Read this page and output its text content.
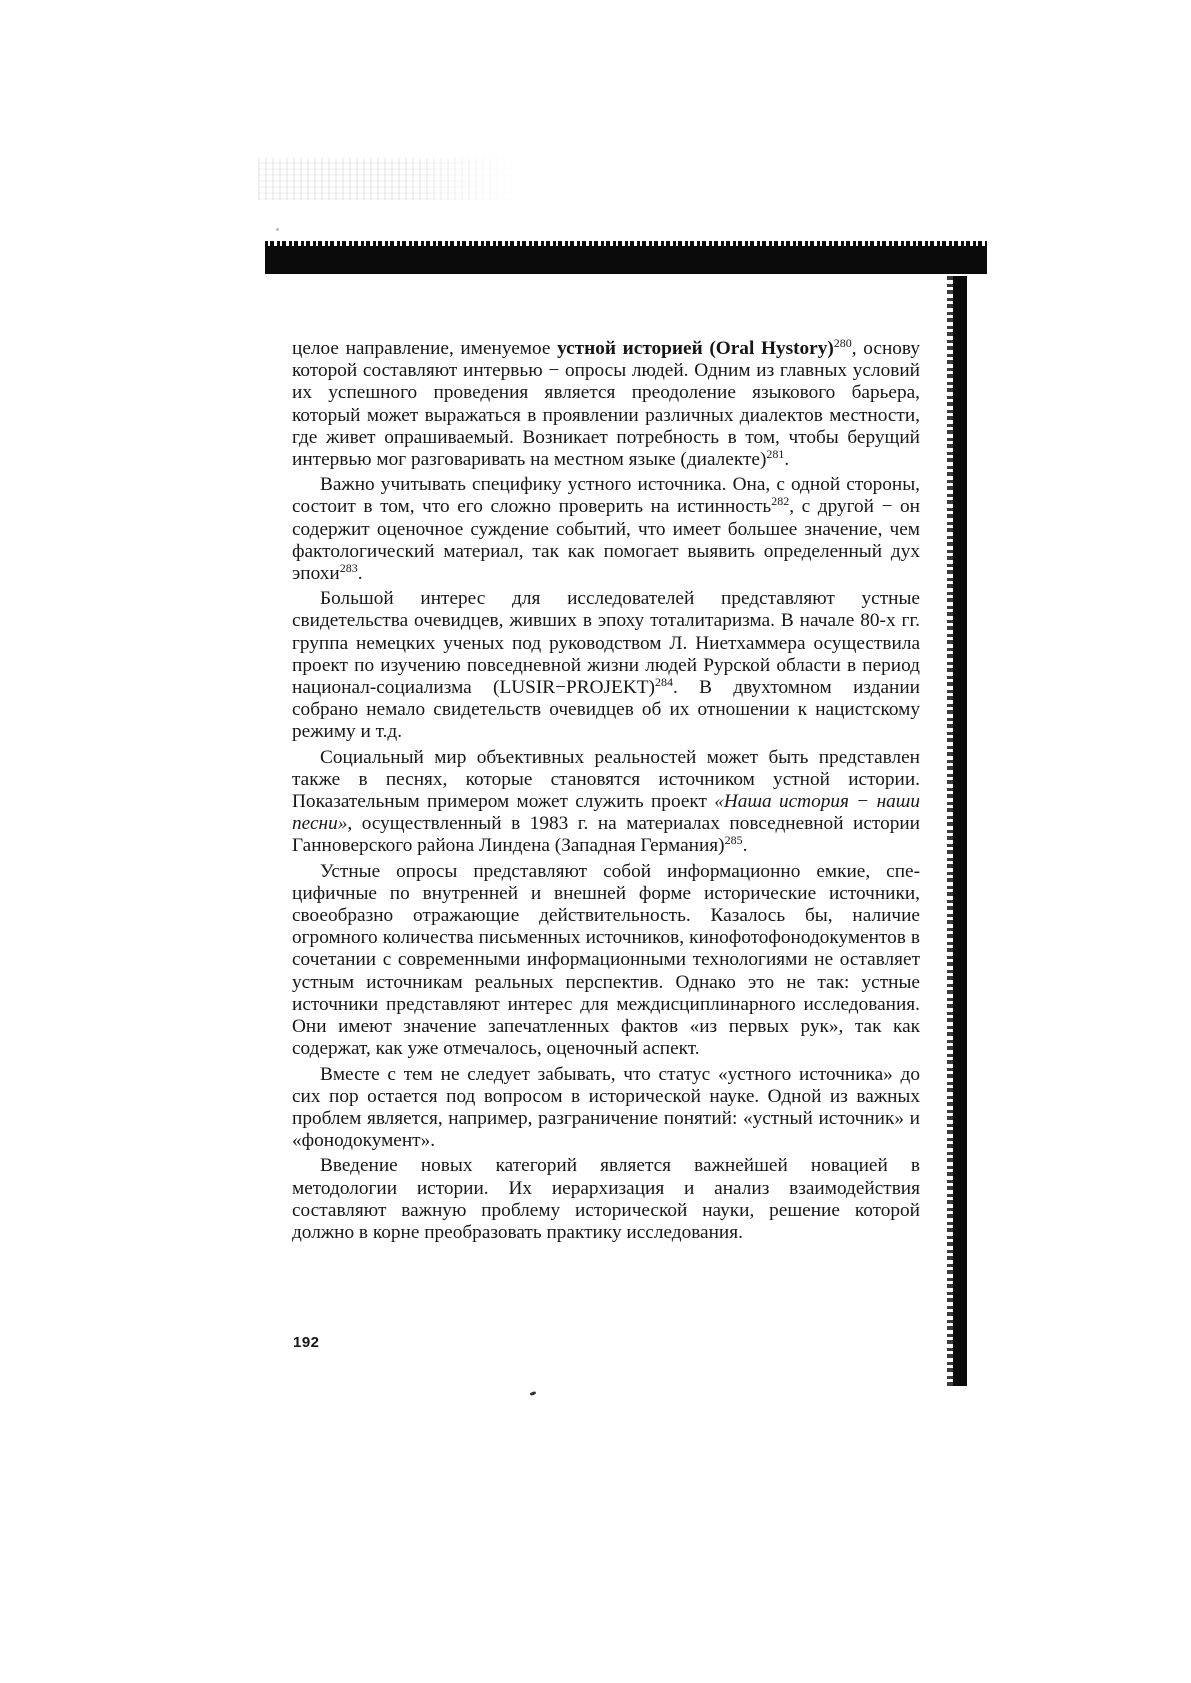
целое направление, именуемое устной историей (Oral Hystory)$^{280}$, основу которой составляют интервью − опросы людей. Одним из главных условий их успешного проведения является преодоление языкового барьера, который может выражаться в проявлении различных диалектов местности, где живет опрашиваемый. Возникает потребность в том, чтобы берущий интервью мог разговаривать на местном языке (диалекте)$^{281}$.

Важно учитывать специфику устного источника. Она, с одной стороны, состоит в том, что его сложно проверить на истинность$^{282}$, с другой − он содержит оценочное суждение событий, что имеет большее значение, чем фактологический материал, так как помогает выявить определенный дух эпохи$^{283}$.

Большой интерес для исследователей представляют устные свидетельства очевидцев, живших в эпоху тоталитаризма. В начале 80-х гг. группа немецких ученых под руководством Л. Ниетхаммера осуществила проект по изучению повседневной жизни людей Рурской области в период национал-социализма (LUSIR−PROJEKT)$^{284}$. В двухтомном издании собрано немало свидетельств очевидцев об их отношении к нацистскому режиму и т.д.

Социальный мир объективных реальностей может быть представлен также в песнях, которые становятся источником устной истории. Показательным примером может служить проект «Наша история − наши песни», осуществленный в 1983 г. на материалах повседневной истории Ганноверского района Линдена (Западная Германия)$^{285}$.

Устные опросы представляют собой информационно емкие, специфичные по внутренней и внешней форме исторические источники, своеобразно отражающие действительность. Казалось бы, наличие огромного количества письменных источников, кинофотофонодокументов в сочетании с современными информационными технологиями не оставляет устным источникам реальных перспектив. Однако это не так: устные источники представляют интерес для междисциплинарного исследования. Они имеют значение запечатленных фактов «из первых рук», так как содержат, как уже отмечалось, оценочный аспект.

Вместе с тем не следует забывать, что статус «устного источника» до сих пор остается под вопросом в исторической науке. Одной из важных проблем является, например, разграничение понятий: «устный источник» и «фонодокумент».

Введение новых категорий является важнейшей новацией в методологии истории. Их иерархизация и анализ взаимодействия составляют важную проблему исторической науки, решение которой должно в корне преобразовать практику исследования.

192
